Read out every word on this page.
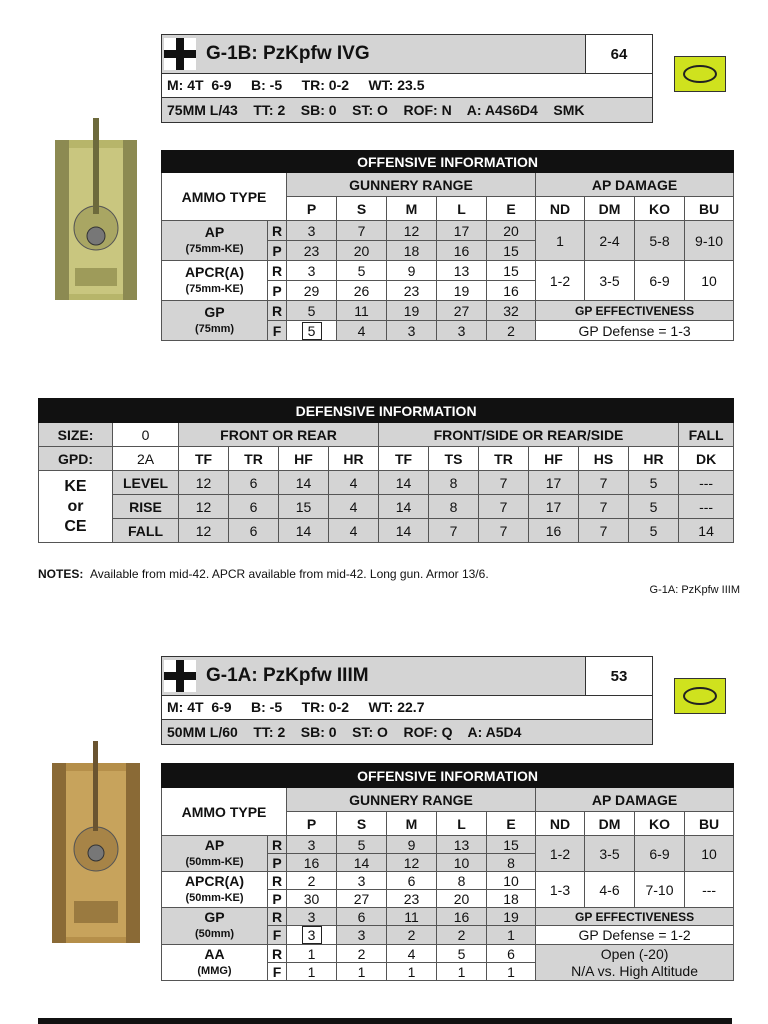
G-1B: PzKpfw IVG	64
M: 4T  6-9     B: -5     TR: 0-2     WT: 23.5
75MM L/43    TT: 2    SB: 0    ST: O    ROF: N    A: A4S6D4    SMK
OFFENSIVE INFORMATION										
AMMO TYPE		GUNNERY RANGE					AP DAMAGE			
		P	S	M	L	E	ND	DM	KO	BU
AP
(75mm-KE)	R	3	7	12	17	20	1	2-4	5-8	9-10
	P	23	20	18	16	15				
APCR(A)
(75mm-KE)	R	3	5	9	13	15	1-2	3-5	6-9	10
	P	29	26	23	19	16				
GP
(75mm)	R	5	11	19	27	32	GP EFFECTIVENESS			
	F	5	4	3	3	2	GP Defense = 1-3			
DEFENSIVE INFORMATION												
SIZE:	0	FRONT OR REAR				FRONT/SIDE OR REAR/SIDE						FALL
GPD:	2A	TF	TR	HF	HR	TF	TS	TR	HF	HS	HR	DK
KE
or
CE	LEVEL	12	6	14	4	14	8	7	17	7	5	---
	RISE	12	6	15	4	14	8	7	17	7	5	---
	FALL	12	6	14	4	14	7	7	16	7	5	14
NOTES: Available from mid-42. APCR available from mid-42. Long gun. Armor 13/6.
G-1A: PzKpfw IIIM
G-1A: PzKpfw IIIM	53
M: 4T  6-9     B: -5     TR: 0-2     WT: 22.7
50MM L/60    TT: 2    SB: 0    ST: O    ROF: Q    A: A5D4
OFFENSIVE INFORMATION										
AMMO TYPE		GUNNERY RANGE					AP DAMAGE			
		P	S	M	L	E	ND	DM	KO	BU
AP
(50mm-KE)	R	3	5	9	13	15	1-2	3-5	6-9	10
	P	16	14	12	10	8				
APCR(A)
(50mm-KE)	R	2	3	6	8	10	1-3	4-6	7-10	---
	P	30	27	23	20	18				
GP
(50mm)	R	3	6	11	16	19	GP EFFECTIVENESS			
	F	3	3	2	2	1	GP Defense = 1-2			
AA
(MMG)	R	1	2	4	5	6	Open (-20)
N/A vs. High Altitude			
	F	1	1	1	1	1				
